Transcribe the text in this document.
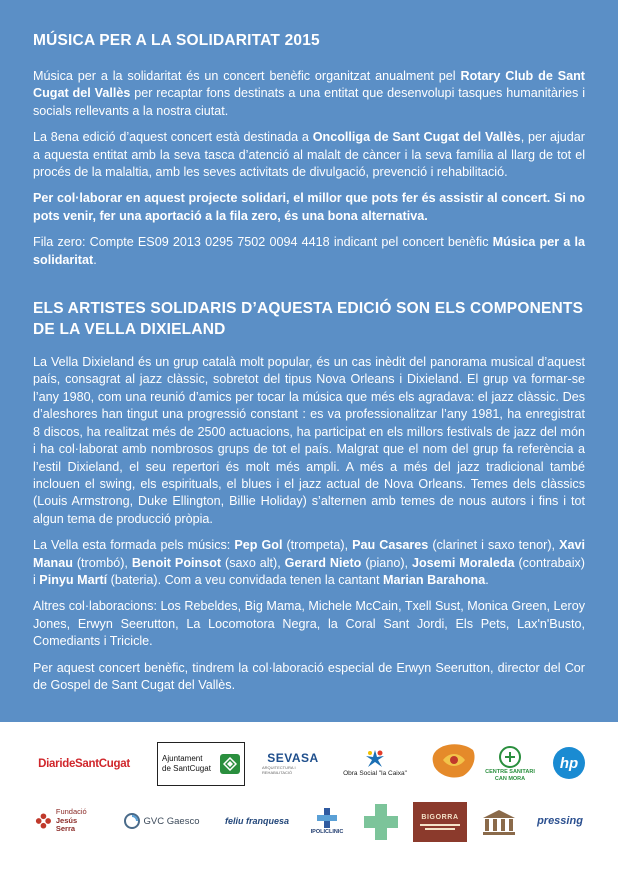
MÚSICA PER A LA SOLIDARITAT 2015

Música per a la solidaritat és un concert benèfic organitzat anualment pel Rotary Club de Sant Cugat del Vallès per recaptar fons destinats a una entitat que desenvolupi tasques humanitàries i socials rellevants a la nostra ciutat.

La 8ena edició d’aquest concert està destinada a Oncolliga de Sant Cugat del Vallès, per ajudar a aquesta entitat amb la seva tasca d’atenció al malalt de càncer i la seva família al llarg de tot el procés de la malaltia, amb les seves activitats de divulgació, prevenció i rehabilitació.

Per col·laborar en aquest projecte solidari, el millor que pots fer és assistir al concert. Si no pots venir, fer una aportació a la fila zero, és una bona alternativa.

Fila zero: Compte ES09 2013 0295 7502 0094 4418 indicant pel concert benèfic Música per a la solidaritat.

ELS ARTISTES SOLIDARIS D’AQUESTA EDICIÓ SON ELS COMPONENTS DE LA VELLA DIXIELAND

La Vella Dixieland és un grup català molt popular, és un cas inèdit del panorama musical d’aquest país, consagrat al jazz clàssic, sobretot del tipus Nova Orleans i Dixieland. El grup va formar-se l’any 1980, com una reunió d’amics per tocar la música que més els agradava: el jazz clàssic. Des d’aleshores han tingut una progressió constant : es va professionalitzar l’any 1981, ha enregistrat 8 discos, ha realitzat més de 2500 actuacions, ha participat en els millors festivals de jazz del món i ha col·laborat amb nombrosos grups de tot el país. Malgrat que el nom del grup fa referència a l’estil Dixieland, el seu repertori és molt més ampli. A més a més del jazz tradicional també inclouen el swing, els espirituals, el blues i el jazz actual de Nova Orleans. Temes dels clàssics (Louis Armstrong, Duke Ellington, Billie Holiday) s’alternen amb temes de nous autors i fins i tot algun tema de producció pròpia.

La Vella esta formada pels músics: Pep Gol (trompeta), Pau Casares (clarinet i saxo tenor), Xavi Manau (trombó), Benoit Poinsot (saxo alt), Gerard Nieto (piano), Josemi Moraleda (contrabaix) i Pinyu Martí (bateria). Com a veu convidada tenen la cantant Marian Barahona.

Altres col·laboracions: Los Rebeldes, Big Mama, Michele McCain, Txell Sust, Monica Green, Leroy Jones, Erwyn Seerutton, La Locomotora Negra, la Coral Sant Jordi, Els Pets, Lax'n'Busto, Comediants i Tricicle.

Per aquest concert benèfic, tindrem la col·laboració especial de Erwyn Seerutton, director del Cor de Gospel de Sant Cugat del Vallès.

DiarideSantCugat	Ajuntament
de SantCugat
SEVASA
ARQUITECTURA I REHABILITACIÓ	Obra Social "la Caixa"	CENTRE SANITARI
CAN MORA
hp
Fundació
Jesús Serra
GVC Gaesco	feliu franquesa
IPOLICLINIC
BIGORRA	pressing
